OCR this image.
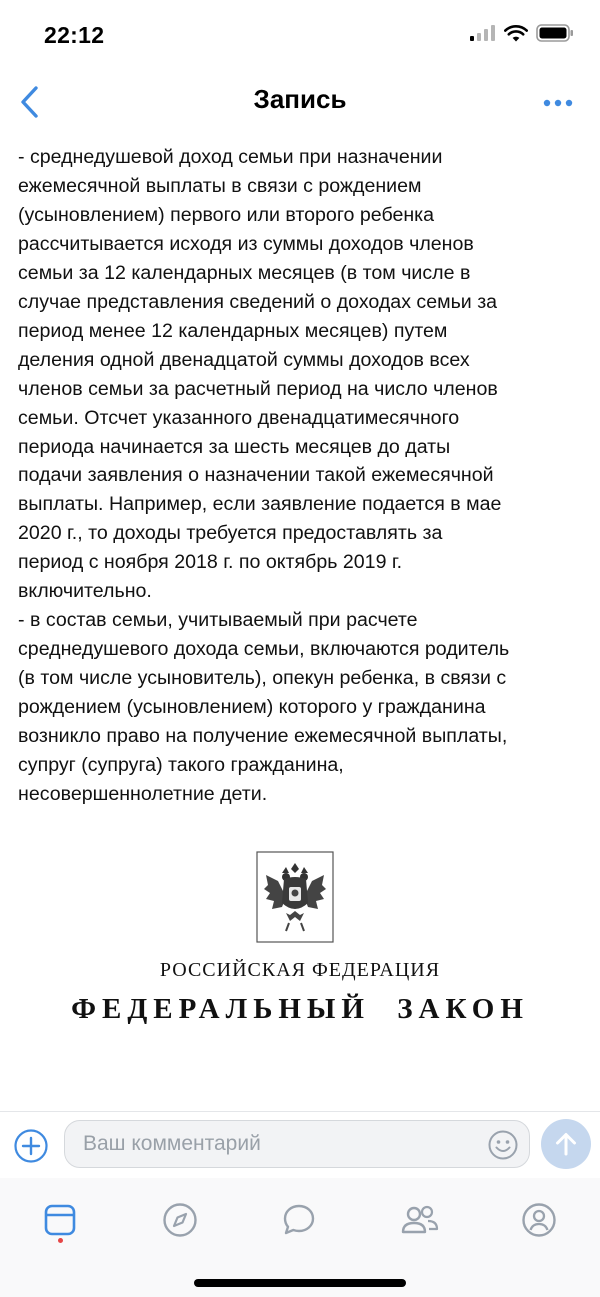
22:12
Запись

- среднедушевой доход семьи при назначении
ежемесячной выплаты в связи с рождением
(усыновлением) первого или второго ребенка
рассчитывается исходя из суммы доходов членов
семьи за 12 календарных месяцев (в том числе в
случае представления сведений о доходах семьи за
период менее 12 календарных месяцев) путем
деления одной двенадцатой суммы доходов всех
членов семьи за расчетный период на число членов
семьи. Отсчет указанного двенадцатимесячного
периода начинается за шесть месяцев до даты
подачи заявления о назначении такой ежемесячной
выплаты. Например, если заявление подается в мае
2020 г., то доходы требуется предоставлять за
период с ноября 2018 г. по октябрь 2019 г.
включительно.
- в состав семьи, учитываемый при расчете
среднедушевого дохода семьи, включаются родитель
(в том числе усыновитель), опекун ребенка, в связи с
рождением (усыновлением) которого у гражданина
возникло право на получение ежемесячной выплаты,
супруг (супруга) такого гражданина,
несовершеннолетние дети.

РОССИЙСКАЯ ФЕДЕРАЦИЯ
ФЕДЕРАЛЬНЫЙ ЗАКОН
Ваш комментарий
